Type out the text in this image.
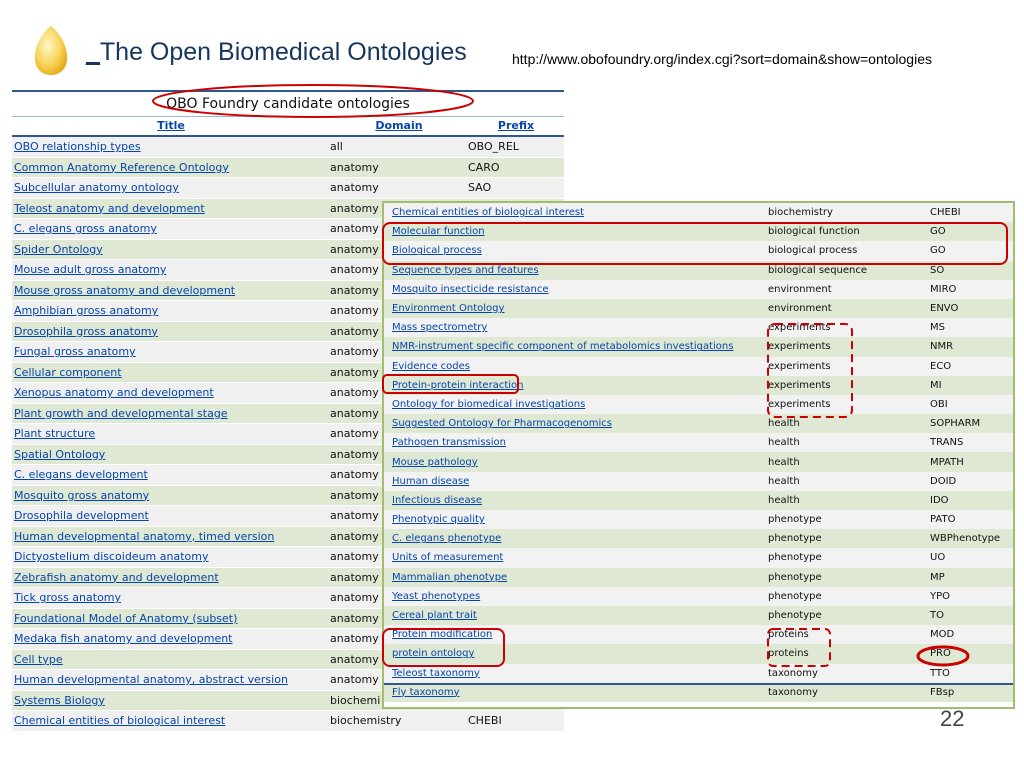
_The Open Biomedical Ontologies	http://www.obofoundry.org/index.cgi?sort=domain&show=ontologies
OBO Foundry candidate ontologies
Title	Domain	Prefix
OBO relationship types	all	OBO_REL
Common Anatomy Reference Ontology	anatomy	CARO
Subcellular anatomy ontology	anatomy	SAO
Teleost anatomy and development	anatomy
C. elegans gross anatomy	anatomy
Spider Ontology	anatomy
Mouse adult gross anatomy	anatomy
Mouse gross anatomy and development	anatomy
Amphibian gross anatomy	anatomy
Drosophila gross anatomy	anatomy
Fungal gross anatomy	anatomy
Cellular component	anatomy
Xenopus anatomy and development	anatomy
Plant growth and developmental stage	anatomy
Plant structure	anatomy
Spatial Ontology	anatomy
C. elegans development	anatomy
Mosquito gross anatomy	anatomy
Drosophila development	anatomy
Human developmental anatomy, timed version	anatomy
Dictyostelium discoideum anatomy	anatomy
Zebrafish anatomy and development	anatomy
Tick gross anatomy	anatomy
Foundational Model of Anatomy (subset)	anatomy
Medaka fish anatomy and development	anatomy
Cell type	anatomy
Human developmental anatomy, abstract version	anatomy
Systems Biology	biochemi
Chemical entities of biological interest	biochemistry	CHEBI
Chemical entities of biological interest	biochemistry	CHEBI
Molecular function	biological function	GO
Biological process	biological process	GO
Sequence types and features	biological sequence	SO
Mosquito insecticide resistance	environment	MIRO
Environment Ontology	environment	ENVO
Mass spectrometry	experiments	MS
NMR-instrument specific component of metabolomics investigations	experiments	NMR
Evidence codes	experiments	ECO
Protein-protein interaction	experiments	MI
Ontology for biomedical investigations	experiments	OBI
Suggested Ontology for Pharmacogenomics	health	SOPHARM
Pathogen transmission	health	TRANS
Mouse pathology	health	MPATH
Human disease	health	DOID
Infectious disease	health	IDO
Phenotypic quality	phenotype	PATO
C. elegans phenotype	phenotype	WBPhenotype
Units of measurement	phenotype	UO
Mammalian phenotype	phenotype	MP
Yeast phenotypes	phenotype	YPO
Cereal plant trait	phenotype	TO
Protein modification	proteins	MOD
protein ontology	proteins	PRO
Teleost taxonomy	taxonomy	TTO
Fly taxonomy	taxonomy	FBsp
22
